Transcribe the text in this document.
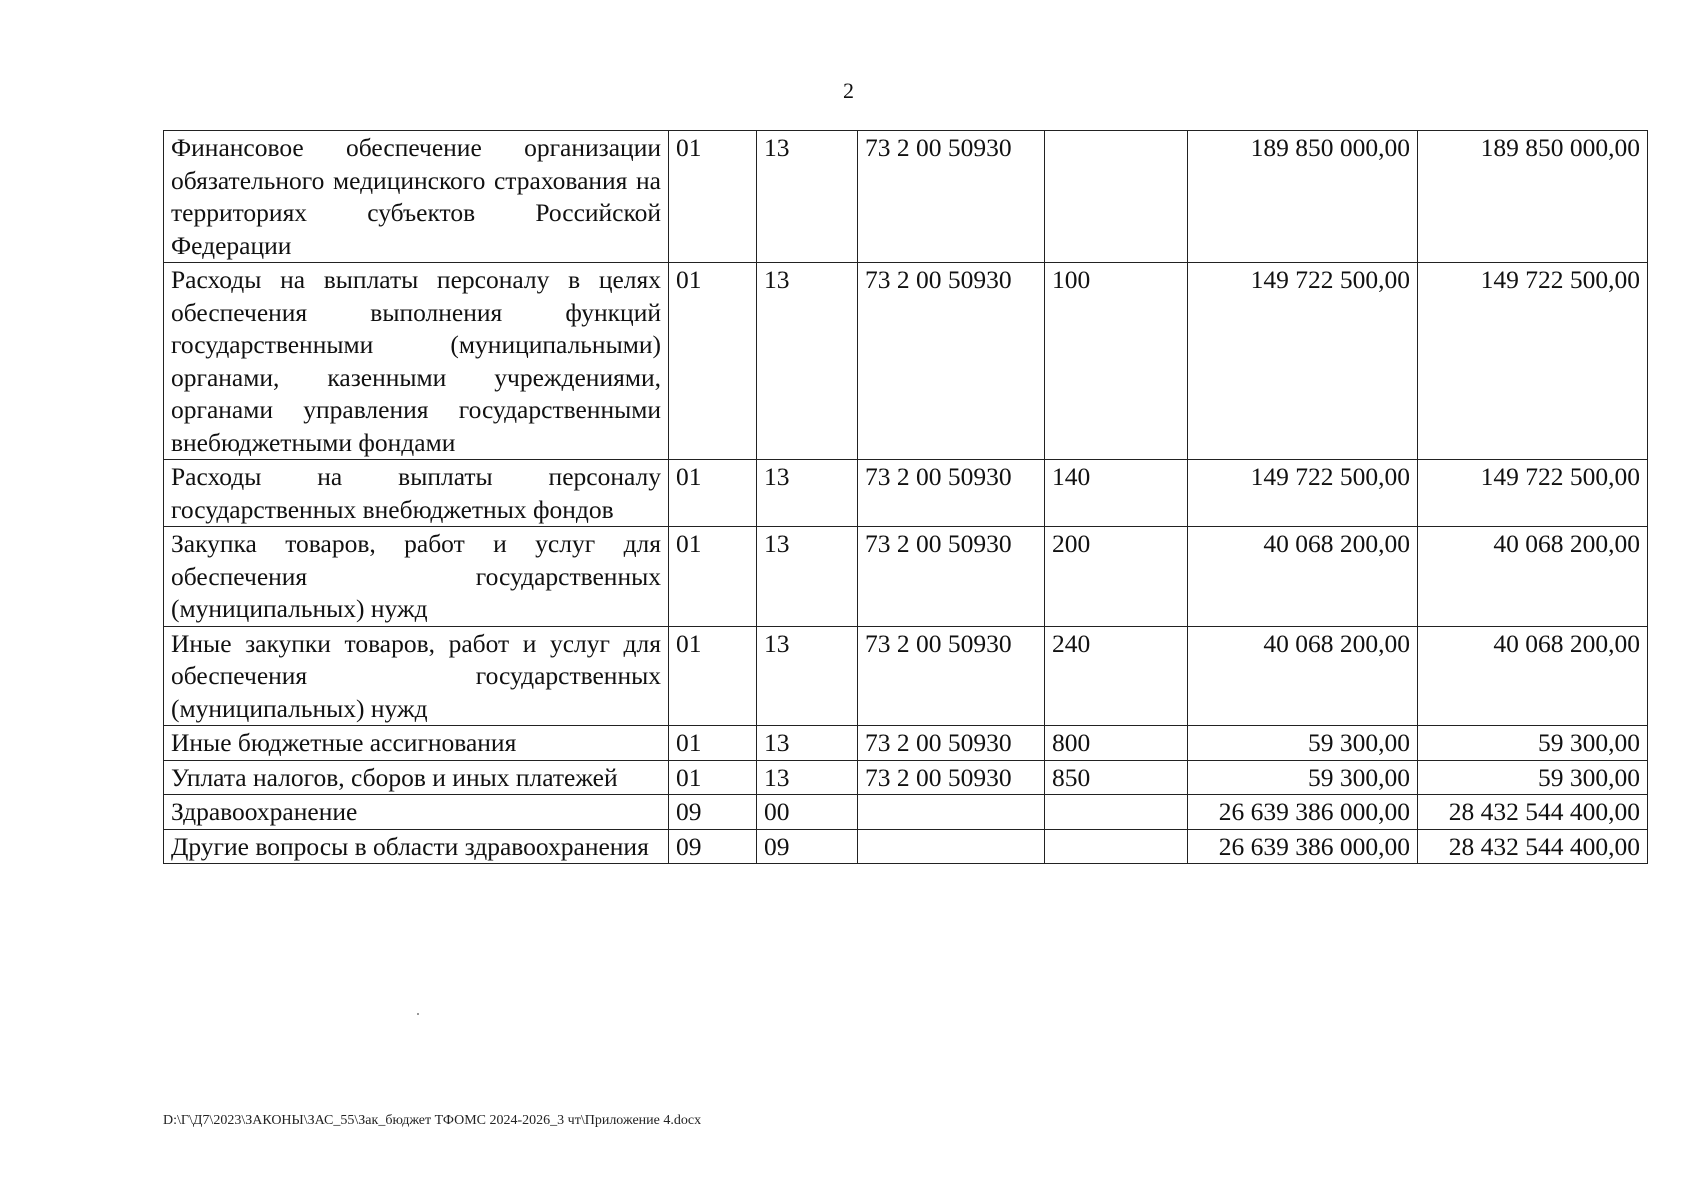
2
Финансовое обеспечение организации обязательного медицинского страхования на территориях субъектов Российской Федерации	01	13	73 2 00 50930		189 850 000,00	189 850 000,00
Расходы на выплаты персоналу в целях обеспечения выполнения функций государственными (муниципальными) органами, казенными учреждениями, органами управления государственными внебюджетными фондами	01	13	73 2 00 50930	100	149 722 500,00	149 722 500,00
Расходы на выплаты персоналу государственных внебюджетных фондов	01	13	73 2 00 50930	140	149 722 500,00	149 722 500,00
Закупка товаров, работ и услуг для обеспечения государственных (муниципальных) нужд	01	13	73 2 00 50930	200	40 068 200,00	40 068 200,00
Иные закупки товаров, работ и услуг для обеспечения государственных (муниципальных) нужд	01	13	73 2 00 50930	240	40 068 200,00	40 068 200,00
Иные бюджетные ассигнования	01	13	73 2 00 50930	800	59 300,00	59 300,00
Уплата налогов, сборов и иных платежей	01	13	73 2 00 50930	850	59 300,00	59 300,00
Здравоохранение	09	00			26 639 386 000,00	28 432 544 400,00
Другие вопросы в области здравоохранения	09	09			26 639 386 000,00	28 432 544 400,00
D:\Г\Д7\2023\ЗАКОНЫ\ЗАС_55\Зак_бюджет ТФОМС 2024-2026_3 чт\Приложение 4.docx
